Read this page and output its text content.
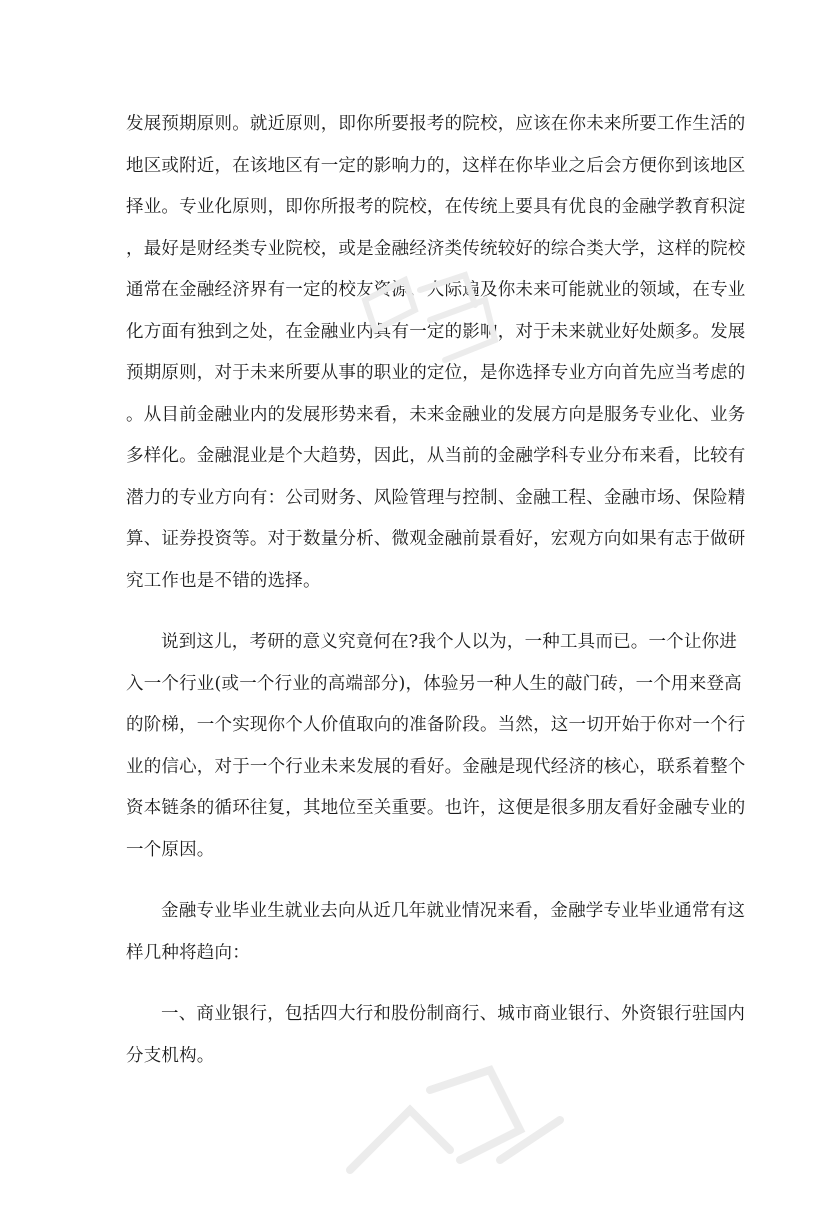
发展预期原则。就近原则，即你所要报考的院校，应该在你未来所要工作生活的
地区或附近，在该地区有一定的影响力的，这样在你毕业之后会方便你到该地区
择业。专业化原则，即你所报考的院校，在传统上要具有优良的金融学教育积淀
，最好是财经类专业院校，或是金融经济类传统较好的综合类大学，这样的院校
通常在金融经济界有一定的校友资源，人际遍及你未来可能就业的领域，在专业
化方面有独到之处，在金融业内具有一定的影响，对于未来就业好处颇多。发展
预期原则，对于未来所要从事的职业的定位，是你选择专业方向首先应当考虑的
。从目前金融业内的发展形势来看，未来金融业的发展方向是服务专业化、业务
多样化。金融混业是个大趋势，因此，从当前的金融学科专业分布来看，比较有
潜力的专业方向有：公司财务、风险管理与控制、金融工程、金融市场、保险精
算、证券投资等。对于数量分析、微观金融前景看好，宏观方向如果有志于做研
究工作也是不错的选择。
说到这儿，考研的意义究竟何在?我个人以为，一种工具而已。一个让你进
入一个行业(或一个行业的高端部分)，体验另一种人生的敲门砖，一个用来登高
的阶梯，一个实现你个人价值取向的准备阶段。当然，这一切开始于你对一个行
业的信心，对于一个行业未来发展的看好。金融是现代经济的核心，联系着整个
资本链条的循环往复，其地位至关重要。也许，这便是很多朋友看好金融专业的
一个原因。
金融专业毕业生就业去向从近几年就业情况来看，金融学专业毕业通常有这
样几种将趋向：
一、商业银行，包括四大行和股份制商行、城市商业银行、外资银行驻国内
分支机构。
